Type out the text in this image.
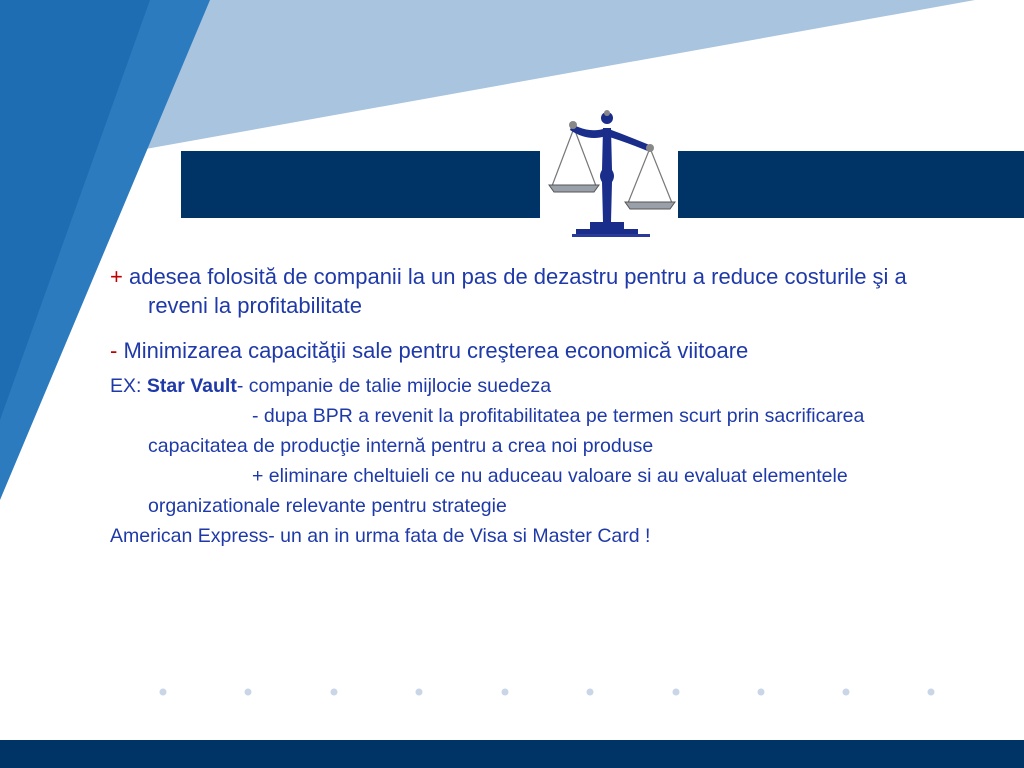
+ adesea folosită de companii la un pas de dezastru pentru a reduce costurile şi a reveni la profitabilitate

- Minimizarea capacităţii sale pentru creşterea economică viitoare

EX: Star Vault- companie de talie mijlocie suedeza

- dupa BPR a revenit la profitabilitatea pe termen scurt prin sacrificarea capacitatea de producţie internă pentru a crea noi produse

+ eliminare cheltuieli ce nu aduceau valoare si au evaluat elementele organizationale relevante pentru strategie

American Express- un an in urma fata de Visa si Master Card !
